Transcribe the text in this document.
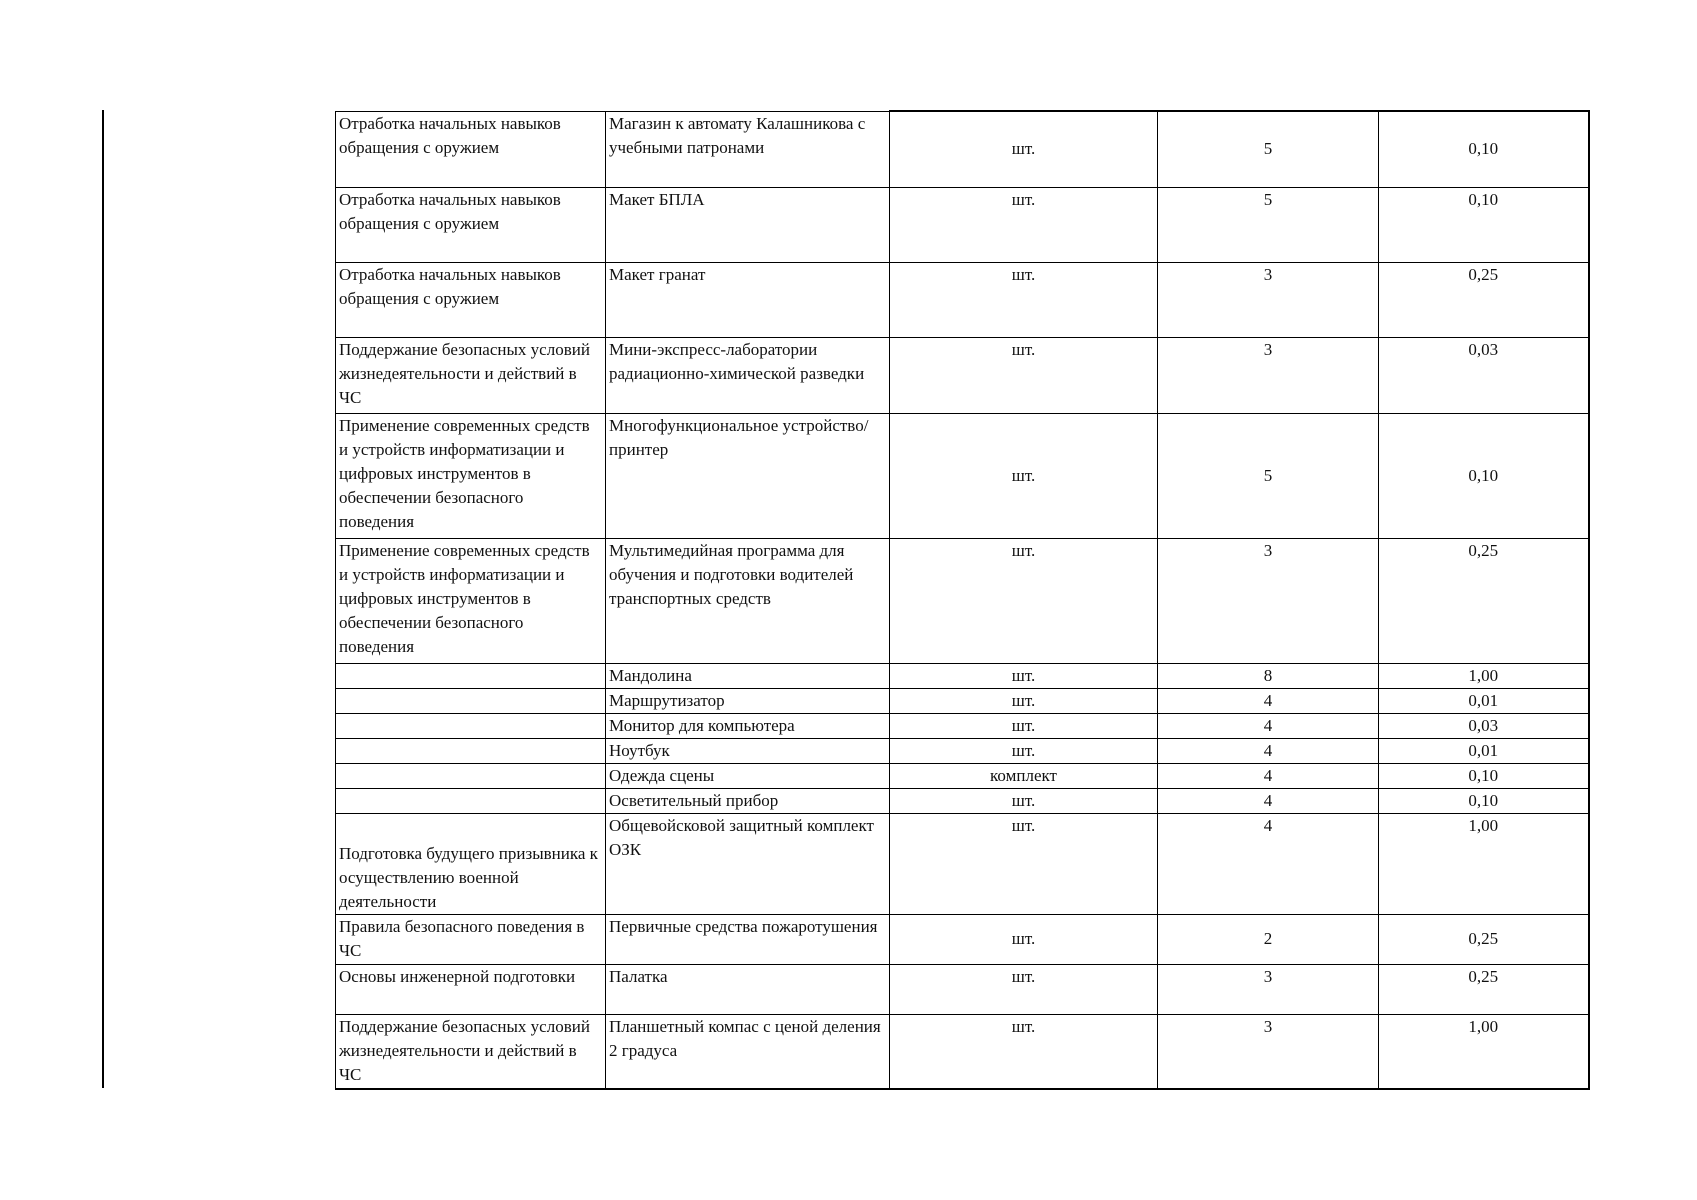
Отработка начальных навыков обращения с оружием	Магазин к автомату Калашникова с учебными патронами	шт.	5	0,10
Отработка начальных навыков обращения с оружием	Макет БПЛА	шт.	5	0,10
Отработка начальных навыков обращения с оружием	Макет гранат	шт.	3	0,25
Поддержание безопасных условий жизнедеятельности и действий в ЧС	Мини-экспресс-лаборатории радиационно-химической разведки	шт.	3	0,03
Применение современных средств и устройств информатизации и цифровых инструментов в обеспечении безопасного поведения	Многофункциональное устройство/принтер	шт.	5	0,10
Применение современных средств и устройств информатизации и цифровых инструментов в обеспечении безопасного поведения	Мультимедийная программа для обучения и подготовки водителей транспортных средств	шт.	3	0,25
	Мандолина	шт.	8	1,00
	Маршрутизатор	шт.	4	0,01
	Монитор для компьютера	шт.	4	0,03
	Ноутбук	шт.	4	0,01
	Одежда сцены	комплект	4	0,10
	Осветительный прибор	шт.	4	0,10
Подготовка будущего призывника к осуществлению военной деятельности	Общевойсковой защитный комплект ОЗК	шт.	4	1,00
Правила безопасного поведения в ЧС	Первичные средства пожаротушения	шт.	2	0,25
Основы инженерной подготовки	Палатка	шт.	3	0,25
Поддержание безопасных условий жизнедеятельности и действий в ЧС	Планшетный компас с ценой деления 2 градуса	шт.	3	1,00
